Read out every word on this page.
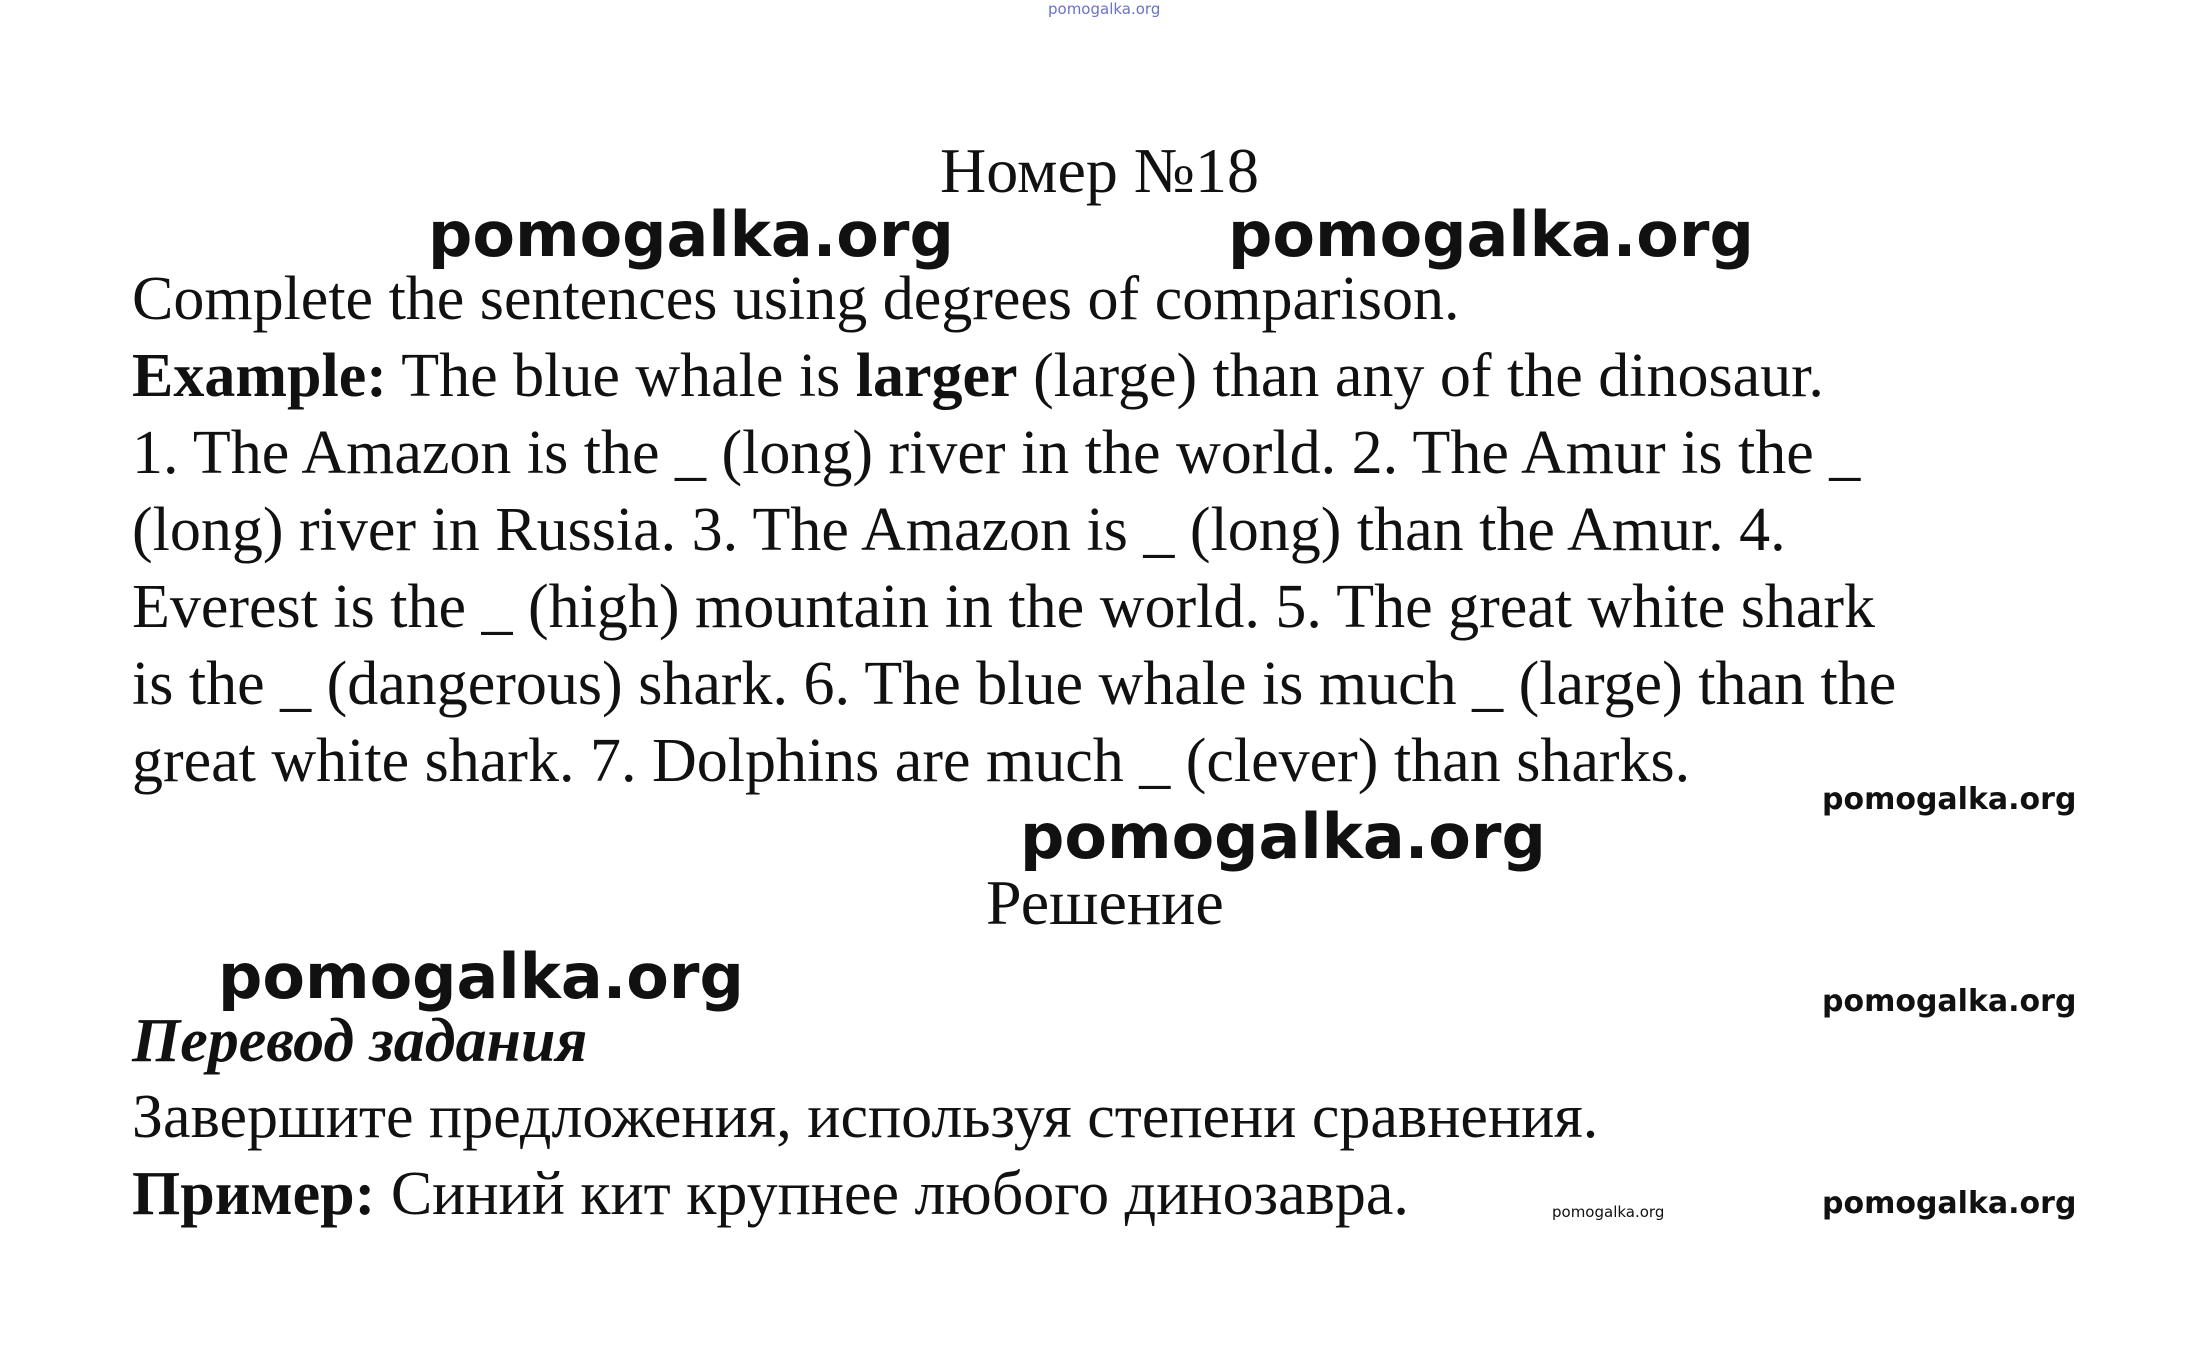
pomogalka.org
Номер №18
pomogalka.org	pomogalka.org
Complete the sentences using degrees of comparison.
Example: The blue whale is larger (large) than any of the dinosaur.
1. The Amazon is the _ (long) river in the world. 2. The Amur is the _
(long) river in Russia. 3. The Amazon is _ (long) than the Amur. 4.
Everest is the _ (high) mountain in the world. 5. The great white shark
is the _ (dangerous) shark. 6. The blue whale is much _ (large) than the
great white shark. 7. Dolphins are much _ (clever) than sharks.
pomogalka.org
pomogalka.org
Решение
pomogalka.org	pomogalka.org
Перевод задания
Завершите предложения, используя степени сравнения.
Пример: Синий кит крупнее любого динозавра.	pomogalka.org	pomogalka.org
